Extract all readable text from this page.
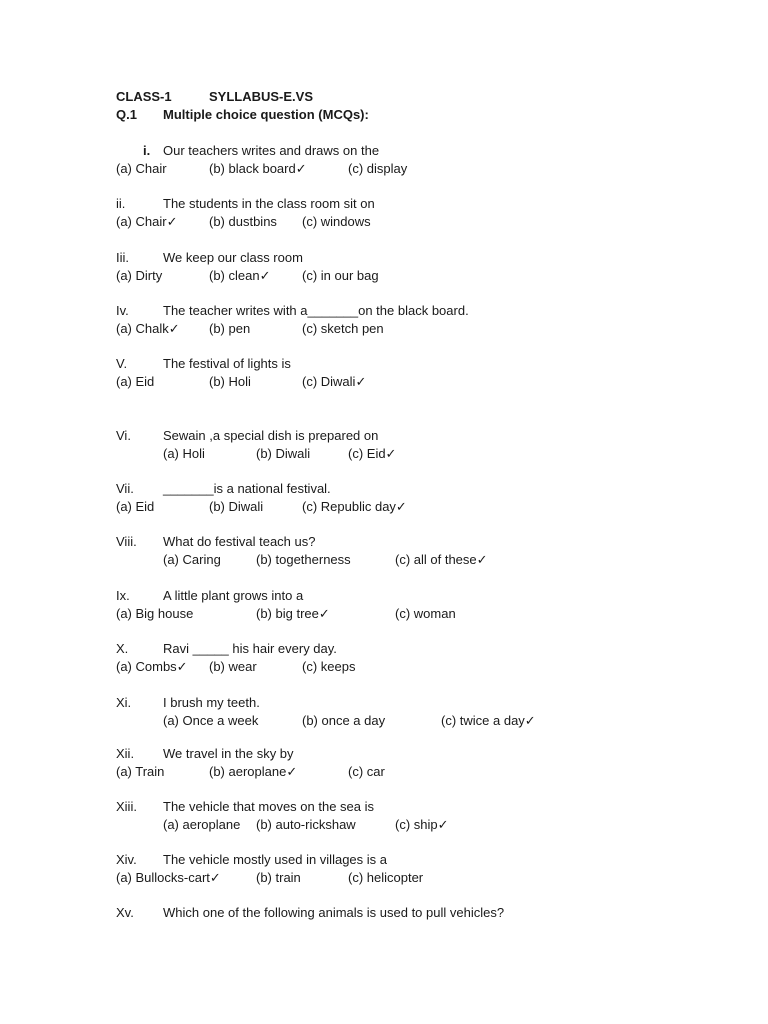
CLASS-1	SYLLABUS-E.VS
Q.1 Multiple choice question (MCQs):
i. Our teachers writes and draws on the
(a) Chair	(b) black board✓	(c) display
ii.	The students in the class room sit on
(a) Chair✓ (b) dustbins (c) windows
Iii.	We keep our class room
(a) Dirty	(b) clean✓ (c) in our bag
Iv.	The teacher writes with a_______on the black board.
(a) Chalk✓ (b) pen	(c) sketch pen
V.	The festival of lights is
(a) Eid	(b) Holi	(c) Diwali✓
Vi. Sewain ,a special dish is prepared on
(a) Holi	(b) Diwali	(c) Eid✓
Vii. _______is a national festival.
(a) Eid	(b) Diwali	(c) Republic day✓
Viii. What do festival teach us?
(a) Caring	(b) togetherness	(c) all of these✓
Ix.	A little plant grows into a
(a) Big house	(b) big tree✓	(c) woman
X.	Ravi _____ his hair every day.
(a) Combs✓ (b) wear	(c) keeps
Xi. I brush my teeth.
(a) Once a week	(b) once a day	(c) twice a day✓
Xii. We travel in the sky by
(a) Train	(b) aeroplane✓	(c) car
Xiii. The vehicle that moves on the sea is
(a) aeroplane (b) auto-rickshaw	(c) ship✓
Xiv. The vehicle mostly used in villages is a
(a) Bullocks-cart✓	(b) train	(c) helicopter
Xv. Which one of the following animals is used to pull vehicles?
